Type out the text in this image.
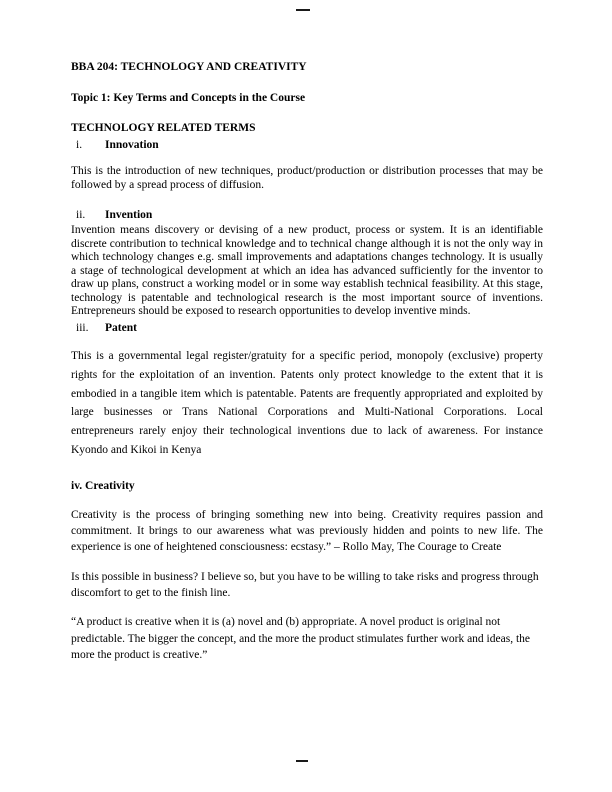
BBA 204: TECHNOLOGY AND CREATIVITY

Topic 1: Key Terms and Concepts in the Course

TECHNOLOGY RELATED TERMS

i.	Innovation

This is the introduction of new techniques, product/production or distribution processes that may be followed by a spread process of diffusion.

ii.	Invention

Invention means discovery or devising of a new product, process or system. It is an identifiable discrete contribution to technical knowledge and to technical change although it is not the only way in which technology changes e.g. small improvements and adaptations changes technology. It is usually a stage of technological development at which an idea has advanced sufficiently for the inventor to draw up plans, construct a working model or in some way establish technical feasibility. At this stage, technology is patentable and technological research is the most important source of inventions. Entrepreneurs should be exposed to research opportunities to develop inventive minds.

iii.	Patent

This is a governmental legal register/gratuity for a specific period, monopoly (exclusive) property rights for the exploitation of an invention. Patents only protect knowledge to the extent that it is embodied in a tangible item which is patentable. Patents are frequently appropriated and exploited by large businesses or Trans National Corporations and Multi-National Corporations. Local entrepreneurs rarely enjoy their technological inventions due to lack of awareness. For instance Kyondo and Kikoi in Kenya

iv. Creativity

Creativity is the process of bringing something new into being. Creativity requires passion and commitment. It brings to our awareness what was previously hidden and points to new life. The experience is one of heightened consciousness: ecstasy.” – Rollo May, The Courage to Create

Is this possible in business? I believe so, but you have to be willing to take risks and progress through discomfort to get to the finish line.

“A product is creative when it is (a) novel and (b) appropriate. A novel product is original not predictable. The bigger the concept, and the more the product stimulates further work and ideas, the more the product is creative.”
